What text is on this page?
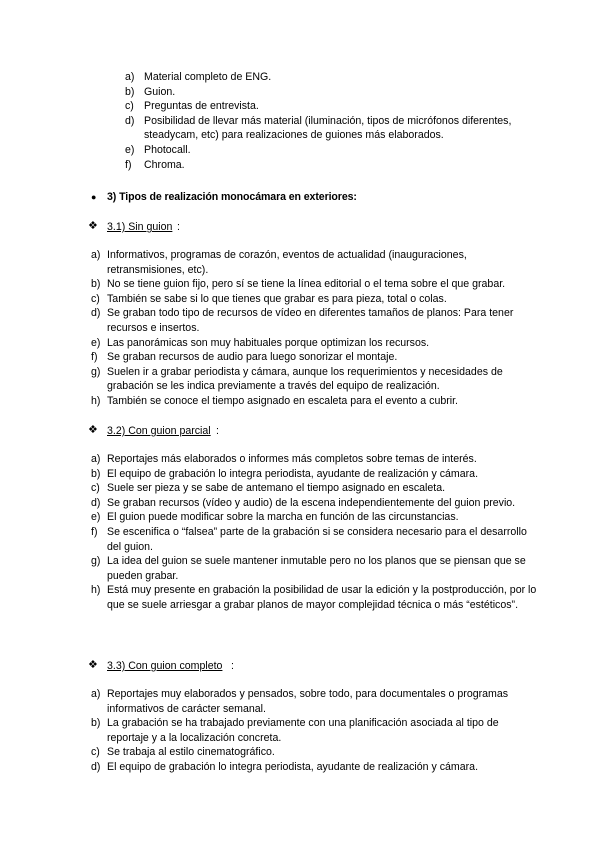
a) Material completo de ENG.
b) Guion.
c) Preguntas de entrevista.
d) Posibilidad de llevar más material (iluminación, tipos de micrófonos diferentes, steadycam, etc) para realizaciones de guiones más elaborados.
e) Photocall.
f) Chroma.
● 3) Tipos de realización monocámara en exteriores:
❖ 3.1) Sin guion :
a) Informativos, programas de corazón, eventos de actualidad (inauguraciones, retransmisiones, etc).
b) No se tiene guion fijo, pero sí se tiene la línea editorial o el tema sobre el que grabar.
c) También se sabe si lo que tienes que grabar es para pieza, total o colas.
d) Se graban todo tipo de recursos de vídeo en diferentes tamaños de planos: Para tener recursos e insertos.
e) Las panorámicas son muy habituales porque optimizan los recursos.
f) Se graban recursos de audio para luego sonorizar el montaje.
g) Suelen ir a grabar periodista y cámara, aunque los requerimientos y necesidades de grabación se les indica previamente a través del equipo de realización.
h) También se conoce el tiempo asignado en escaleta para el evento a cubrir.
❖ 3.2) Con guion parcial :
a) Reportajes más elaborados o informes más completos sobre temas de interés.
b) El equipo de grabación lo integra periodista, ayudante de realización y cámara.
c) Suele ser pieza y se sabe de antemano el tiempo asignado en escaleta.
d) Se graban recursos (vídeo y audio) de la escena independientemente del guion previo.
e) El guion puede modificar sobre la marcha en función de las circunstancias.
f) Se escenifica o “falsea” parte de la grabación si se considera necesario para el desarrollo del guion.
g) La idea del guion se suele mantener inmutable pero no los planos que se piensan que se pueden grabar.
h) Está muy presente en grabación la posibilidad de usar la edición y la postproducción, por lo que se suele arriesgar a grabar planos de mayor complejidad técnica o más “estéticos”.
❖ 3.3) Con guion completo :
a) Reportajes muy elaborados y pensados, sobre todo, para documentales o programas informativos de carácter semanal.
b) La grabación se ha trabajado previamente con una planificación asociada al tipo de reportaje y a la localización concreta.
c) Se trabaja al estilo cinematográfico.
d) El equipo de grabación lo integra periodista, ayudante de realización y cámara.
